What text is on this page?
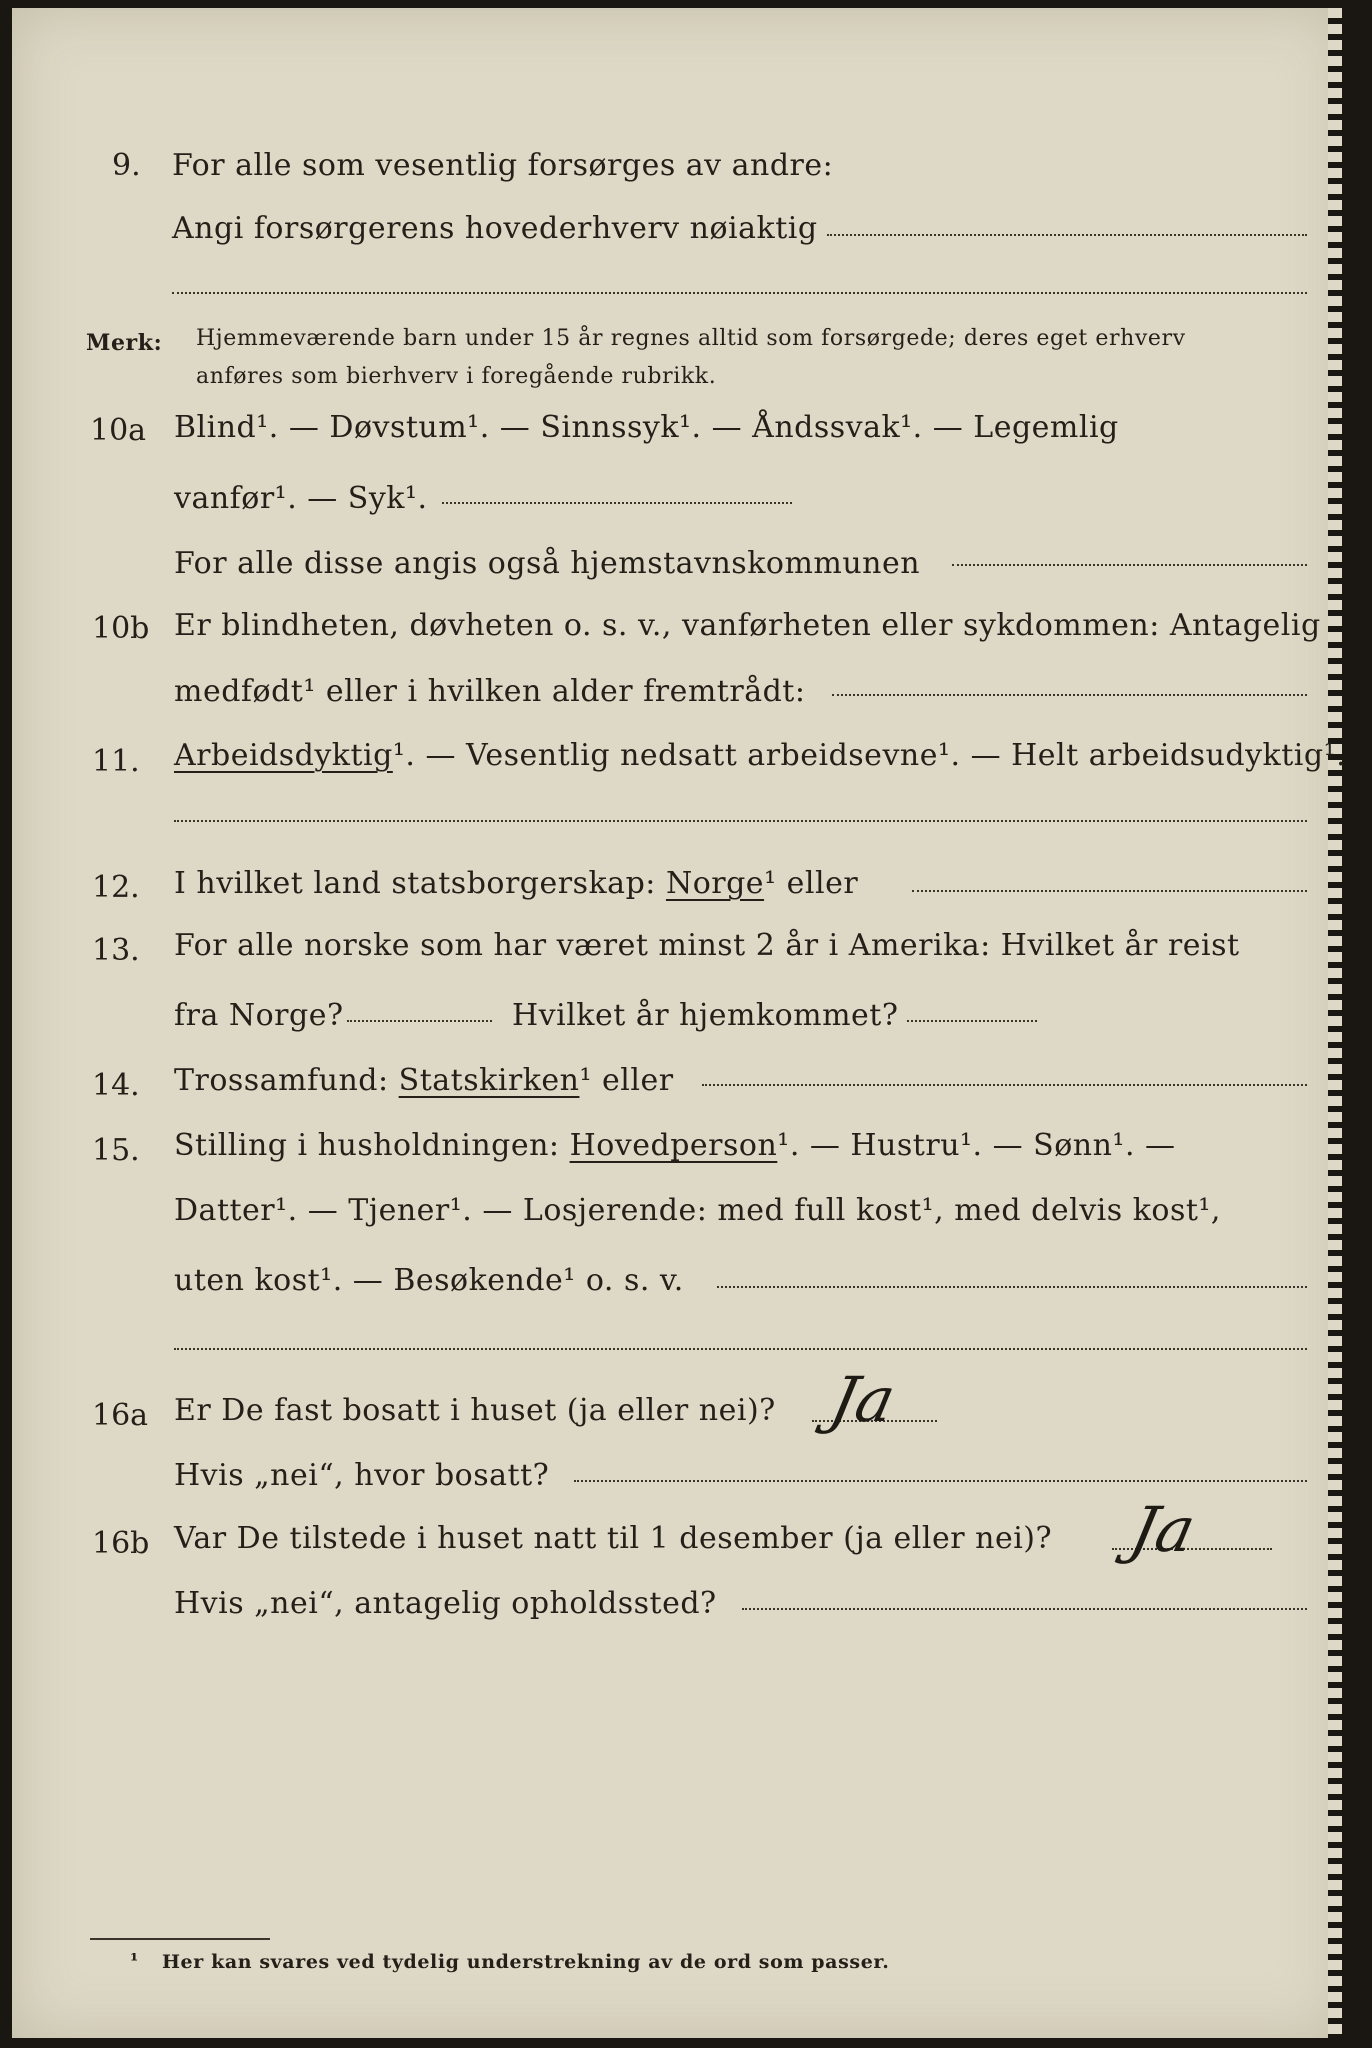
9. For alle som vesentlig forsørges av andre:
Angi forsørgerens hovederhverv nøiaktig
Merk: Hjemmeværende barn under 15 år regnes alltid som forsørgede; deres eget erhverv
anføres som bierhverv i foregående rubrikk.
10a Blind¹. — Døvstum¹. — Sinnssyk¹. — Åndssvak¹. — Legemlig
vanfør¹. — Syk¹.
For alle disse angis også hjemstavnskommunen
10b Er blindheten, døvheten o. s. v., vanførheten eller sykdommen: Antagelig
medfødt¹ eller i hvilken alder fremtrådt:
11. Arbeidsdyktig¹. — Vesentlig nedsatt arbeidsevne¹. — Helt arbeidsudyktig¹.
12. I hvilket land statsborgerskap: Norge¹ eller
13. For alle norske som har været minst 2 år i Amerika: Hvilket år reist
fra Norge?	Hvilket år hjemkommet?
14. Trossamfund: Statskirken¹ eller
15. Stilling i husholdningen: Hovedperson¹. — Hustru¹. — Sønn¹. —
Datter¹. — Tjener¹. — Losjerende: med full kost¹, med delvis kost¹,
uten kost¹. — Besøkende¹ o. s. v.
16a Er De fast bosatt i huset (ja eller nei)? Ja
Hvis „nei“, hvor bosatt?
16b Var De tilstede i huset natt til 1 desember (ja eller nei)? Ja
Hvis „nei“, antagelig opholdssted?
¹ Her kan svares ved tydelig understrekning av de ord som passer.
